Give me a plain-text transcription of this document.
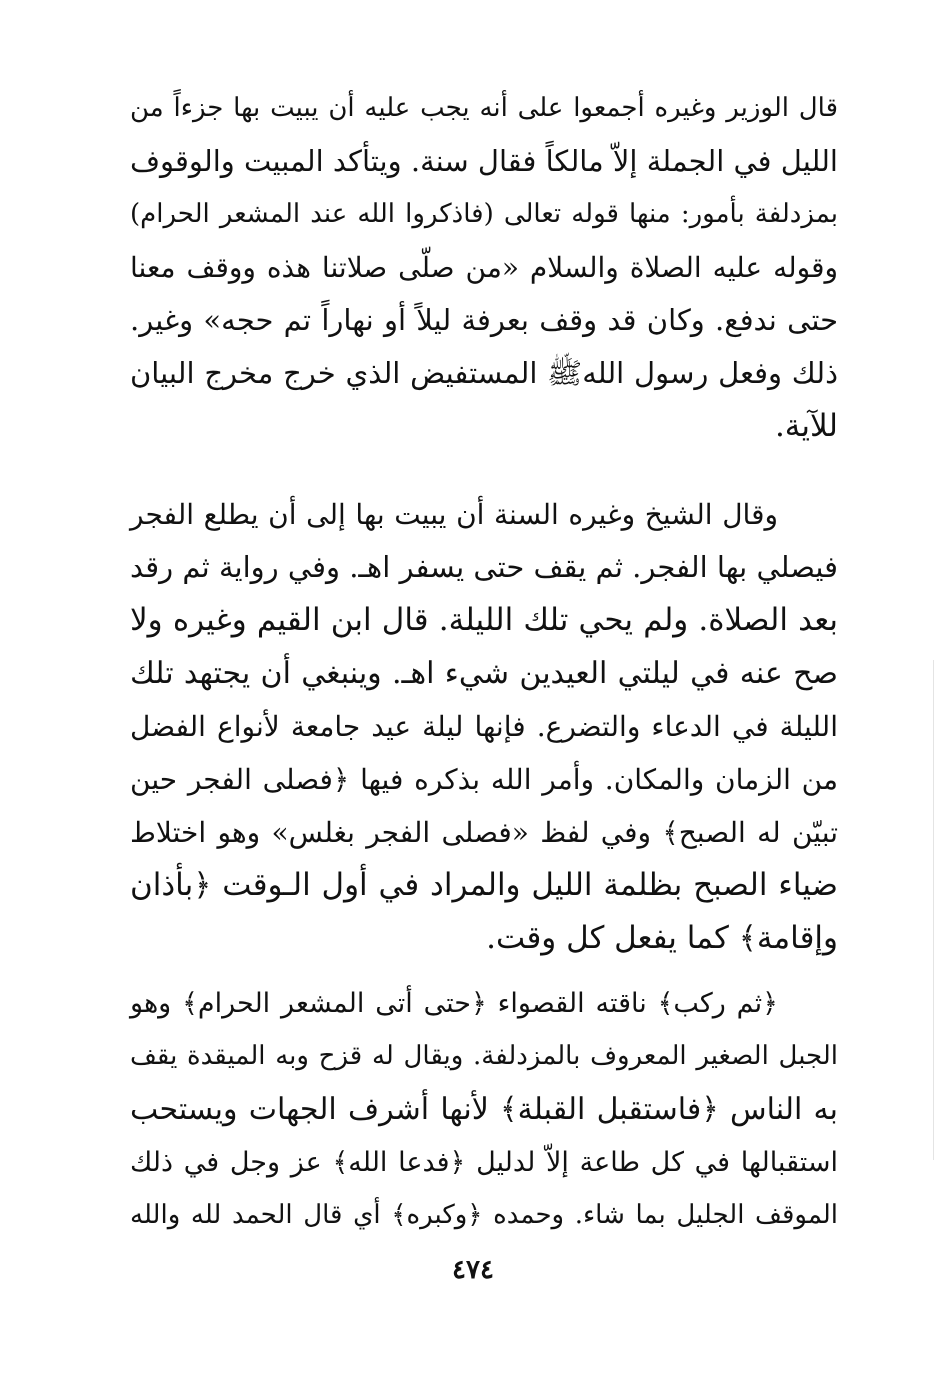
قال الوزير وغيره أجمعوا على أنه يجب عليه أن يبيت بها جزءاً من
الليل في الجملة إلاّ مالكاً فقال سنة. ويتأكد المبيت والوقوف
بمزدلفة بأمور: منها قوله تعالى (فاذكروا الله عند المشعر الحرام)
وقوله عليه الصلاة والسلام «من صلّى صلاتنا هذه ووقف معنا
حتى ندفع. وكان قد وقف بعرفة ليلاً أو نهاراً تم حجه» وغير.
ذلك وفعل رسول اللهﷺ المستفيض الذي خرج مخرج البيان
للآية.
وقال الشيخ وغيره السنة أن يبيت بها إلى أن يطلع الفجر
فيصلي بها الفجر. ثم يقف حتى يسفر اهـ. وفي رواية ثم رقد
بعد الصلاة. ولم يحي تلك الليلة. قال ابن القيم وغيره ولا
صح عنه في ليلتي العيدين شيء اهـ. وينبغي أن يجتهد تلك
الليلة في الدعاء والتضرع. فإنها ليلة عيد جامعة لأنواع الفضل
من الزمان والمكان. وأمر الله بذكره فيها ﴿فصلى الفجر حين
تبيّن له الصبح﴾ وفي لفظ «فصلى الفجر بغلس» وهو اختلاط
ضياء الصبح بظلمة الليل والمراد في أول الـوقت ﴿بأذان
وإقامة﴾ كما يفعل كل وقت.
﴿ثم ركب﴾ ناقته القصواء ﴿حتى أتى المشعر الحرام﴾ وهو
الجبل الصغير المعروف بالمزدلفة. ويقال له قزح وبه الميقدة يقف
به الناس ﴿فاستقبل القبلة﴾ لأنها أشرف الجهات ويستحب
استقبالها في كل طاعة إلاّ لدليل ﴿فدعا الله﴾ عز وجل في ذلك
الموقف الجليل بما شاء. وحمده ﴿وكبره﴾ أي قال الحمد لله والله
٤٧٤
